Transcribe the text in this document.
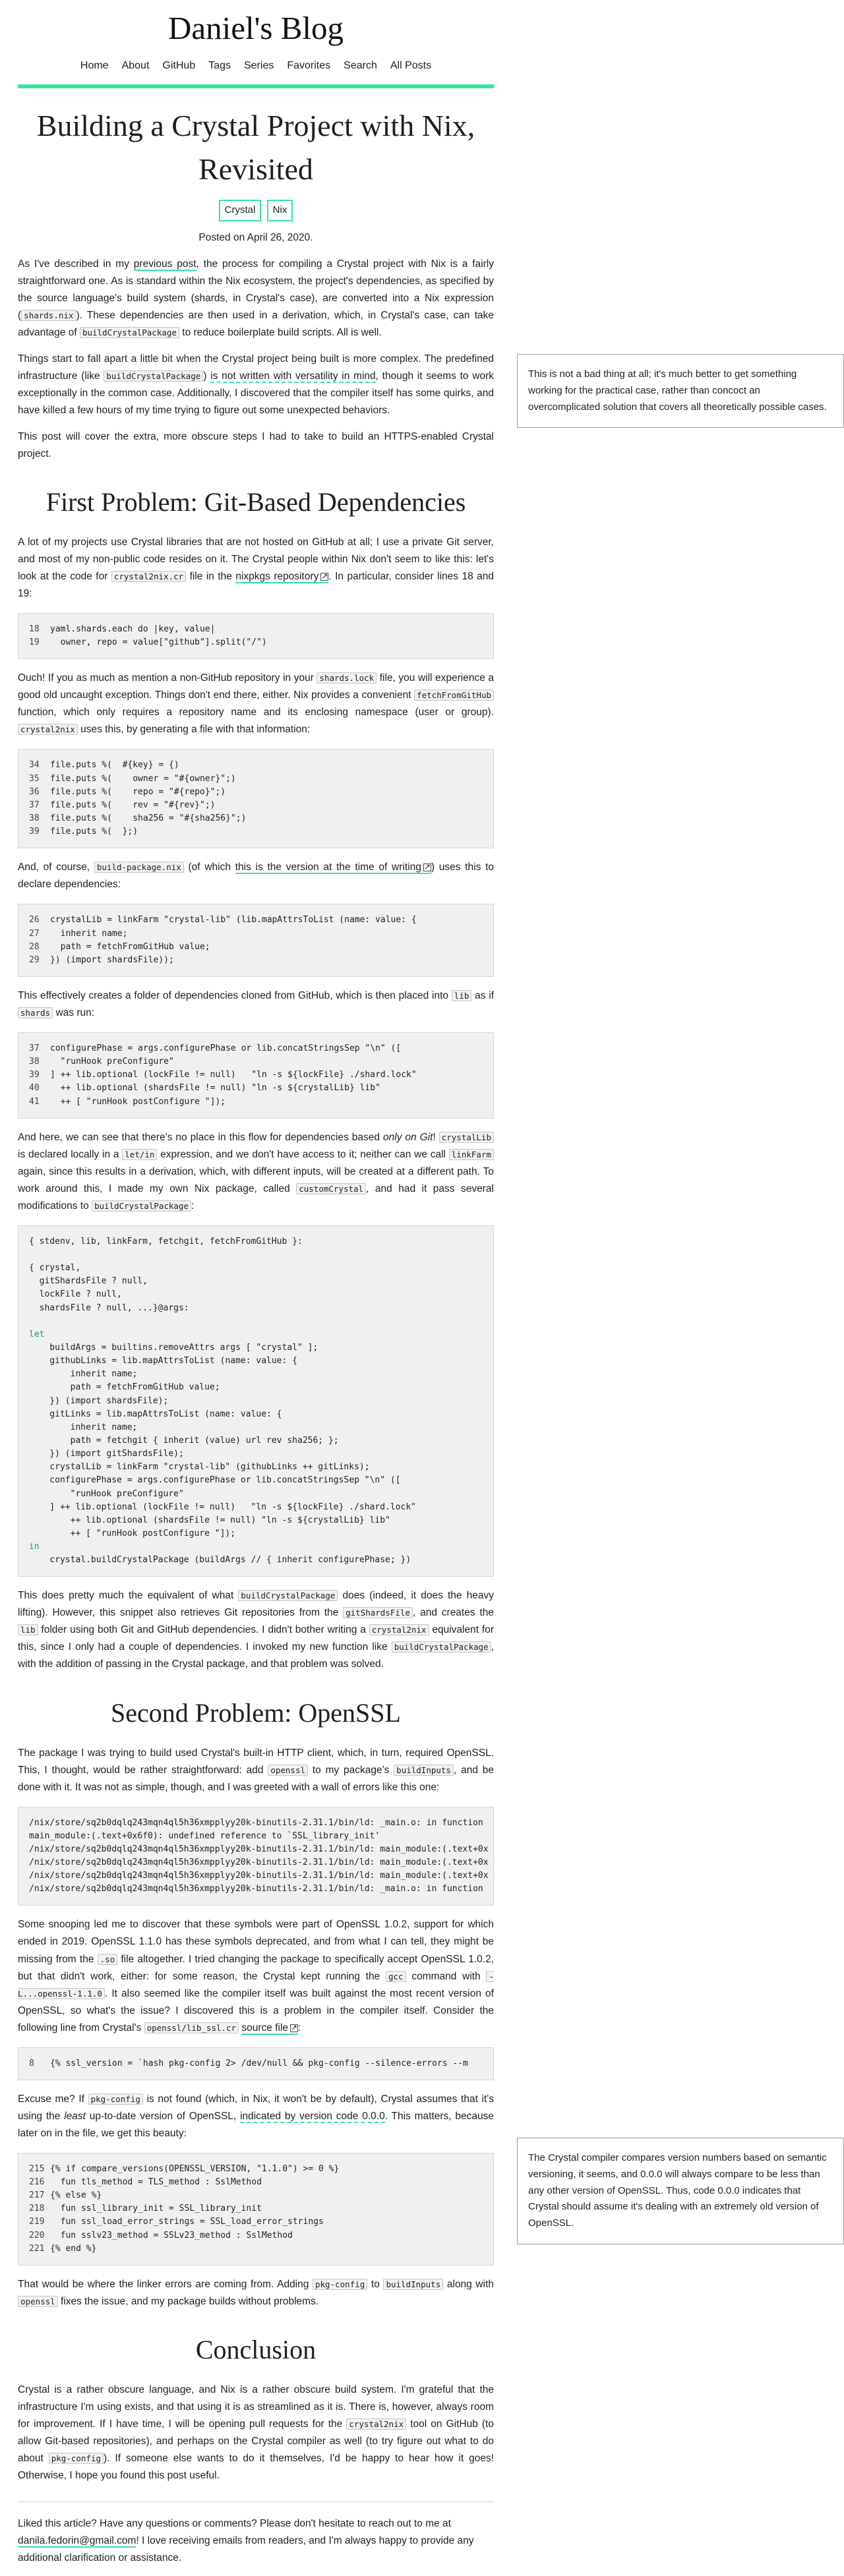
Daniel's Blog
Home About GitHub Tags Series Favorites Search All Posts
Building a Crystal Project with Nix, Revisited
Crystal Nix
Posted on April 26, 2020.

As I've described in my previous post, the process for compiling a Crystal project with Nix is a fairly straightforward one. As is standard within the Nix ecosystem, the project's dependencies, as specified by the source language's build system (shards, in Crystal's case), are converted into a Nix expression ( shards.nix ). These dependencies are then used in a derivation, which, in Crystal's case, can take advantage of buildCrystalPackage to reduce boilerplate build scripts. All is well.

This is not a bad thing at all; it's much better to get something working for the practical case, rather than concoct an overcomplicated solution that covers all theoretically possible cases.

Things start to fall apart a little bit when the Crystal project being built is more complex. The predefined infrastructure (like buildCrystalPackage ) is not written with versatility in mind, though it seems to work exceptionally in the common case. Additionally, I discovered that the compiler itself has some quirks, and have killed a few hours of my time trying to figure out some unexpected behaviors.

This post will cover the extra, more obscure steps I had to take to build an HTTPS-enabled Crystal project.

First Problem: Git-Based Dependencies

A lot of my projects use Crystal libraries that are not hosted on GitHub at all; I use a private Git server, and most of my non-public code resides on it. The Crystal people within Nix don't seem to like this: let's look at the code for crystal2nix.cr file in the nixpkgs repository ↗. In particular, consider lines 18 and 19:

18 yaml.shards.each do |key, value|
19  owner, repo = value["github"].split("/")

Ouch! If you as much as mention a non-GitHub repository in your shards.lock file, you will experience a good old uncaught exception. Things don't end there, either. Nix provides a convenient fetchFromGitHub function, which only requires a repository name and its enclosing namespace (user or group). crystal2nix uses this, by generating a file with that information:

34 file.puts %(  #{key} = {)
35 file.puts %(    owner = "#{owner}";)
36 file.puts %(    repo = "#{repo}";)
37 file.puts %(    rev = "#{rev}";)
38 file.puts %(    sha256 = "#{sha256}";)
39 file.puts %(  };)

And, of course, build-package.nix (of which this is the version at the time of writing ↗) uses this to declare dependencies:

26 crystalLib = linkFarm "crystal-lib" (lib.mapAttrsToList (name: value: {
27  inherit name;
28  path = fetchFromGitHub value;
29 }) (import shardsFile));

This effectively creates a folder of dependencies cloned from GitHub, which is then placed into lib as if shards was run:

37 configurePhase = args.configurePhase or lib.concatStringsSep "\n" ([
38  "runHook preConfigure"
39 ] ++ lib.optional (lockFile != null)   "ln -s ${lockFile} ./shard.lock"
40  ++ lib.optional (shardsFile != null) "ln -s ${crystalLib} lib"
41  ++ [ "runHook postConfigure "]);

And here, we can see that there's no place in this flow for dependencies based only on Git! crystalLib is declared locally in a let/in expression, and we don't have access to it; neither can we call linkFarm again, since this results in a derivation, which, with different inputs, will be created at a different path. To work around this, I made my own Nix package, called customCrystal , and had it pass several modifications to buildCrystalPackage :

{ stdenv, lib, linkFarm, fetchgit, fetchFromGitHub }:

{ crystal,
gitShardsFile ? null,
lockFile ? null,
shardsFile ? null, ...}@args:

let
buildArgs = builtins.removeAttrs args [ "crystal" ];
githubLinks = lib.mapAttrsToList (name: value: {
inherit name;
path = fetchFromGitHub value;
}) (import shardsFile);
gitLinks = lib.mapAttrsToList (name: value: {
inherit name;
path = fetchgit { inherit (value) url rev sha256; };
}) (import gitShardsFile);
crystalLib = linkFarm "crystal-lib" (githubLinks ++ gitLinks);
configurePhase = args.configurePhase or lib.concatStringsSep "\n" ([
"runHook preConfigure"
] ++ lib.optional (lockFile != null)   "ln -s ${lockFile} ./shard.lock"
++ lib.optional (shardsFile != null) "ln -s ${crystalLib} lib"
++ [ "runHook postConfigure "]);
in
crystal.buildCrystalPackage (buildArgs // { inherit configurePhase; })

This does pretty much the equivalent of what buildCrystalPackage does (indeed, it does the heavy lifting). However, this snippet also retrieves Git repositories from the gitShardsFile , and creates the lib folder using both Git and GitHub dependencies. I didn't bother writing a crystal2nix equivalent for this, since I only had a couple of dependencies. I invoked my new function like buildCrystalPackage , with the addition of passing in the Crystal package, and that problem was solved.

Second Problem: OpenSSL

The package I was trying to build used Crystal's built-in HTTP client, which, in turn, required OpenSSL. This, I thought, would be rather straightforward: add openssl to my package's buildInputs , and be done with it. It was not as simple, though, and I was greeted with a wall of errors like this one:

/nix/store/sq2b0dqlq243mqn4ql5h36xmpplyy20k-binutils-2.31.1/bin/ld: _main.o: in function
main_module:(.text+0x6f0): undefined reference to `SSL_library_init'
/nix/store/sq2b0dqlq243mqn4ql5h36xmpplyy20k-binutils-2.31.1/bin/ld: main_module:(.text+0x
/nix/store/sq2b0dqlq243mqn4ql5h36xmpplyy20k-binutils-2.31.1/bin/ld: main_module:(.text+0x
/nix/store/sq2b0dqlq243mqn4ql5h36xmpplyy20k-binutils-2.31.1/bin/ld: main_module:(.text+0x
/nix/store/sq2b0dqlq243mqn4ql5h36xmpplyy20k-binutils-2.31.1/bin/ld: _main.o: in function

Some snooping led me to discover that these symbols were part of OpenSSL 1.0.2, support for which ended in 2019. OpenSSL 1.1.0 has these symbols deprecated, and from what I can tell, they might be missing from the .so file altogether. I tried changing the package to specifically accept OpenSSL 1.0.2, but that didn't work, either: for some reason, the Crystal kept running the gcc command with -L...openssl-1.1.0 . It also seemed like the compiler itself was built against the most recent version of OpenSSL, so what's the issue? I discovered this is a problem in the compiler itself. Consider the following line from Crystal's openssl/lib_ssl.cr source file ↗:

8 {% ssl_version = `hash pkg-config 2> /dev/null && pkg-config --silence-errors --m
The Crystal compiler compares version numbers based on semantic versioning, it seems, and 0.0.0 will always compare to be less than any other version of OpenSSL. Thus, code 0.0.0 indicates that Crystal should assume it's dealing with an extremely old version of OpenSSL.

Excuse me? If pkg-config is not found (which, in Nix, it won't be by default), Crystal assumes that it's using the least up-to-date version of OpenSSL, indicated by version code 0.0.0. This matters, because later on in the file, we get this beauty:

215 {% if compare_versions(OPENSSL_VERSION, "1.1.0") >= 0 %}
216  fun tls_method = TLS_method : SslMethod
217 {% else %}
218  fun ssl_library_init = SSL_library_init
219  fun ssl_load_error_strings = SSL_load_error_strings
220  fun sslv23_method = SSLv23_method : SslMethod
221 {% end %}

That would be where the linker errors are coming from. Adding pkg-config to buildInputs along with openssl fixes the issue, and my package builds without problems.

Conclusion

Crystal is a rather obscure language, and Nix is a rather obscure build system. I'm grateful that the infrastructure I'm using exists, and that using it is as streamlined as it is. There is, however, always room for improvement. If I have time, I will be opening pull requests for the crystal2nix tool on GitHub (to allow Git-based repositories), and perhaps on the Crystal compiler as well (to try figure out what to do about pkg-config ). If someone else wants to do it themselves, I'd be happy to hear how it goes! Otherwise, I hope you found this post useful.

Liked this article? Have any questions or comments? Please don't hesitate to reach out to me at danila.fedorin@gmail.com! I love receiving emails from readers, and I'm always happy to provide any additional clarification or assistance.
